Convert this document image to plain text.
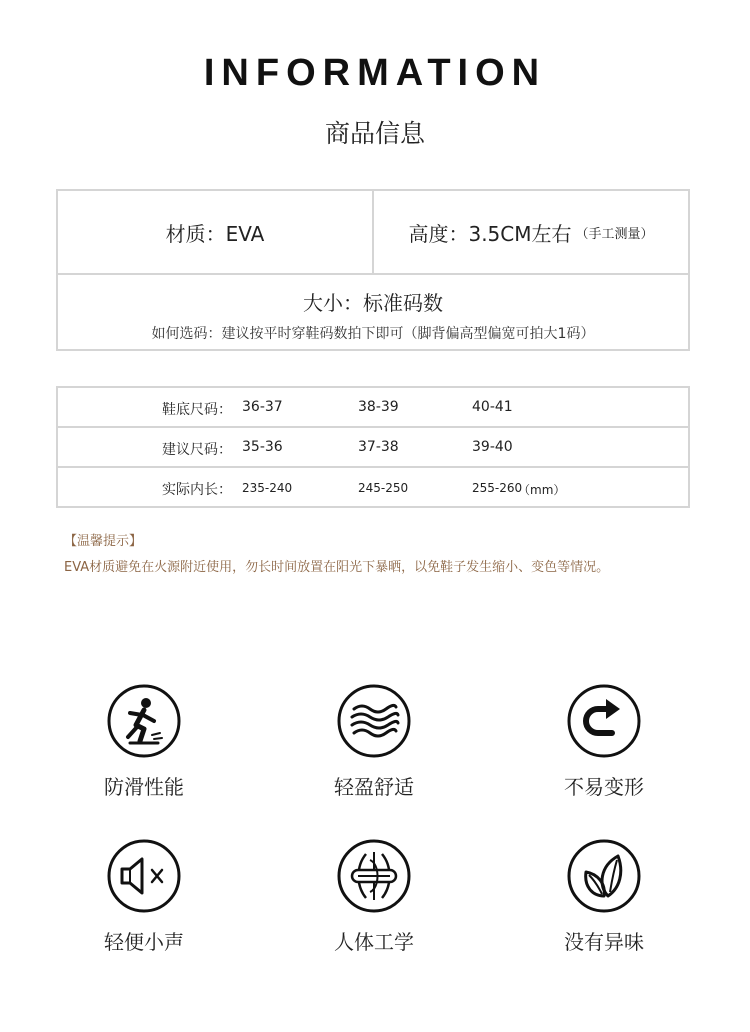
INFORMATION
商品信息
材质：EVA	高度：3.5CM左右 （手工测量）
大小：标准码数
如何选码：建议按平时穿鞋码数拍下即可（脚背偏高型偏宽可拍大1码）
鞋底尺码： 36-37	38-39	40-41
建议尺码： 35-36	37-38	39-40
实际内长： 235-240	245-250	255-260
（mm）
【温馨提示】
EVA材质避免在火源附近使用，勿长时间放置在阳光下暴晒，以免鞋子发生缩小、变色等情况。
防滑性能	轻盈舒适	不易变形
轻便小声	人体工学	没有异味
